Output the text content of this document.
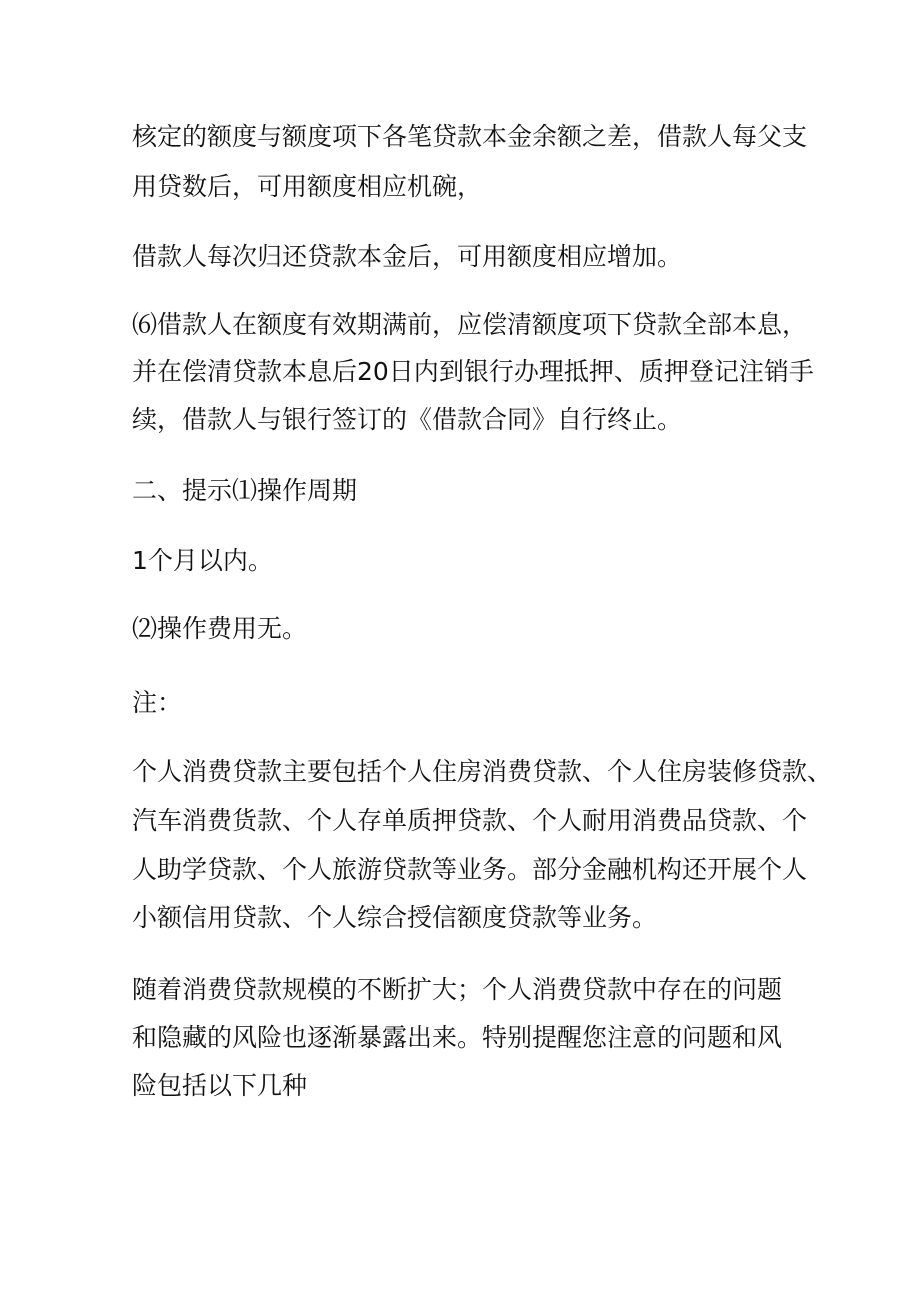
核定的额度与额度项下各笔贷款本金余额之差，借款人每父支
用贷数后，可用额度相应机碗，
借款人每次归还贷款本金后，可用额度相应增加。
⑹借款人在额度有效期满前，应偿清额度项下贷款全部本息，
并在偿清贷款本息后20日内到银行办理抵押、质押登记注销手
续，借款人与银行签订的《借款合同》自行终止。
二、提示⑴操作周期
1个月以内。
⑵操作费用无。
注：
个人消费贷款主要包括个人住房消费贷款、个人住房装修贷款、
汽车消费货款、个人存单质押贷款、个人耐用消费品贷款、个
人助学贷款、个人旅游贷款等业务。部分金融机构还开展个人
小额信用贷款、个人综合授信额度贷款等业务。
随着消费贷款规模的不断扩大；个人消费贷款中存在的问题
和隐藏的风险也逐渐暴露出来。特别提醒您注意的问题和风
险包括以下几种
